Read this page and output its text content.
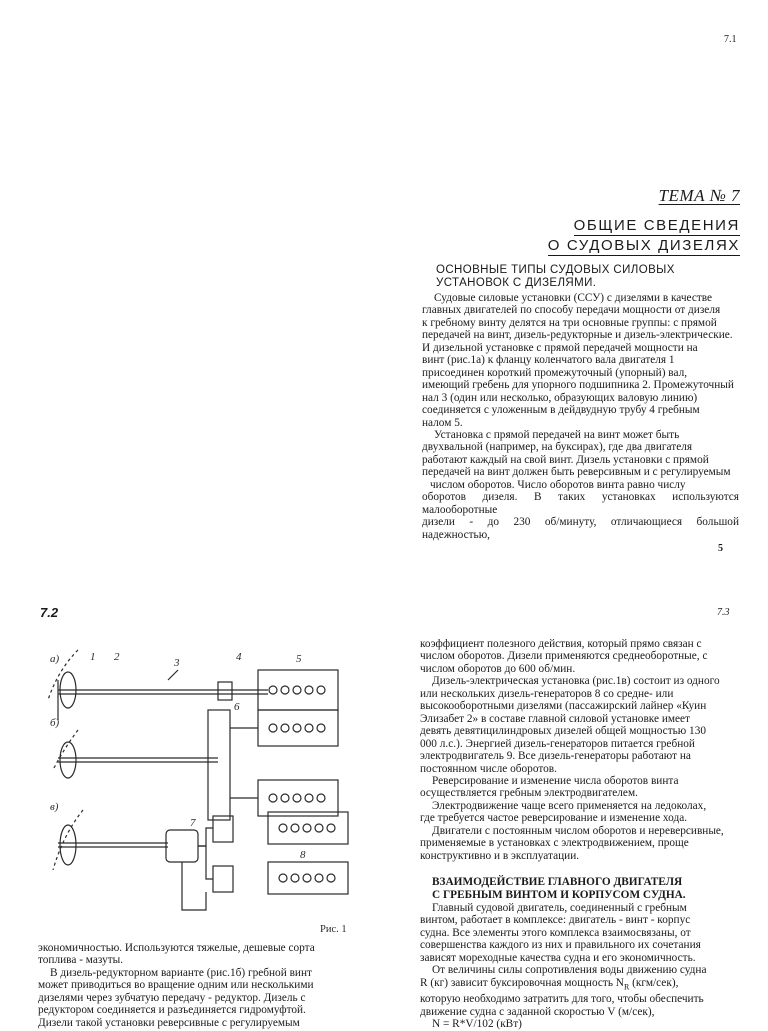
7.1
5
7.2	7.3
ТЕМА № 7
ОБЩИЕ СВЕДЕНИЯ
О СУДОВЫХ ДИЗЕЛЯХ
ОСНОВНЫЕ ТИПЫ СУДОВЫХ СИЛОВЫХ
УСТАНОВОК С ДИЗЕЛЯМИ.

Судовые силовые установки (ССУ) с дизелями в качестве

главных двигателей по способу передачи мощности от дизеля

к гребному винту делятся на три основные группы: с прямой

передачей на винт, дизель-редукторные и дизель-электрические.

И дизельной установке с прямой передачей мощности на

винт (рис.1а) к фланцу коленчатого вала двигателя 1

присоединен короткий промежуточный (упорный) вал,

имеющий гребень для упорного подшипника 2. Промежуточный

нал 3 (один или несколько, образующих валовую линию)

соединяется с уложенным в дейдвудную трубу 4 гребным

налом 5.

Установка с прямой передачей на винт может быть

двухвальной (например, на буксирах), где два двигателя

работают каждый на свой винт. Дизель установки с прямой

передачей на винт должен быть реверсивным и с регулируемым

числом оборотов. Число оборотов винта равно числу

оборотов дизеля. В таких установках используются малооборотные

дизели - до 230 об/минуту, отличающиеся большой надежностью,

коэффициент полезного действия, который прямо связан с

числом оборотов. Дизели применяются среднеоборотные, с

числом оборотов до 600 об/мин.

Дизель-электрическая установка (рис.1в) состоит из одного

или нескольких дизель-генераторов 8 со средне- или

высокооборотными дизелями (пассажирский лайнер «Куин

Элизабет 2» в составе главной силовой установке имеет

девять девятицилиндровых дизелей общей мощностью 130

000 л.с.). Энергией дизель-генераторов питается гребной

электродвигатель 9. Все дизель-генераторы работают на

постоянном числе оборотов.

Реверсирование и изменение числа оборотов винта

осуществляется гребным электродвигателем.

Электродвижение чаще всего применяется на ледоколах,

где требуется частое реверсирование и изменение хода.

Двигатели с постоянным числом оборотов и нереверсивные,

применяемые в установках с электродвижением, проще

конструктивно и в эксплуатации.

ВЗАИМОДЕЙСТВИЕ ГЛАВНОГО ДВИГАТЕЛЯ
С ГРЕБНЫМ ВИНТОМ И КОРПУСОМ СУДНА.

Главный судовой двигатель, соединенный с гребным

винтом, работает в комплексе: двигатель - винт - корпус

судна. Все элементы этого комплекса взаимосвязаны, от

совершенства каждого из них и правильного их сочетания

зависят мореходные качества судна и его экономичность.

От величины силы сопротивления воды движению судна

R (кг) зависит буксировочная мощность $N_R$ (кгм/сек),

которую необходимо затратить для того, чтобы обеспечить

движение судна с заданной скоростью V (м/сек),

N = R*V/102 (кВт)

а)
б)
в)
1 2	3	4	5
6
7
8
Рис. 1

экономичностью. Используются тяжелые, дешевые сорта

топлива - мазуты.

В дизель-редукторном варианте (рис.1б) гребной винт

может приводиться во вращение одним или несколькими

дизелями через зубчатую передачу - редуктор. Дизель с

редуктором соединяется и разъединяется гидромуфтой.

Дизели такой установки реверсивные с регулируемым
